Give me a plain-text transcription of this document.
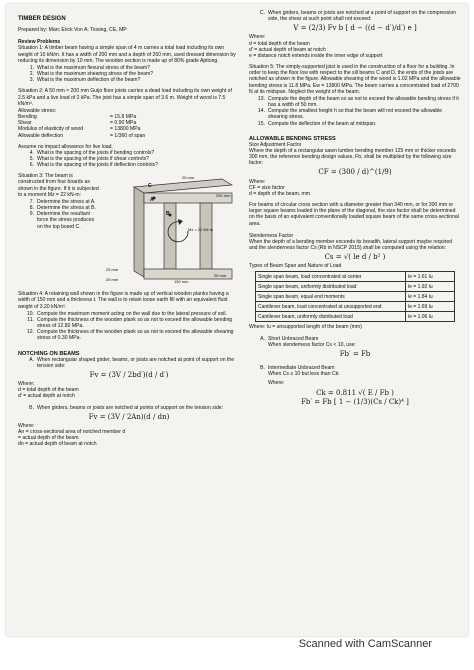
TIMBER DESIGN
Prepared by: Marc Erick Von A. Tiosing, CE, MP
Review Problems
Situation 1: A timber beam having a simple span of 4 m carries a total load including its own weight of 10 kN/m. It has a width of 200 mm and a depth of 260 mm, used dressed dimension by reducing its dimension by 10 mm. The wooden section is made up of 80% grade Apitong.
1. What is the maximum flexural stress of the beam?
2. What is the maximum shearing stress of the beam?
3. What is the maximum deflection of the beam?
Situation 2: A 50 mm × 200 mm Guijo floor joists carries a dead load including its own weight of 2.5 kPa and a live load of 2 kPa. The joist has a simple span of 3.6 m. Weight of wood is 7.5 kN/m³.
Allowable stress:
Bending	= 15.8 MPa
Shear	= 0.90 MPa
Modulus of elasticity of wood	= 13800 MPa
Allowable deflection	= 1/360 of span
Assume no impact allowance for live load.
4. What is the spacing of the joists if bending controls?
5. What is the spacing of the joists if shear controls?
6. What is the spacing of the joists if deflection controls?
Situation 3: The beam is constructed from four boards as shown in the figure. If it is subjected to a moment Mz = 22 kN-m:
7. Determine the stress at A.
8. Determine the stress at B.
9. Determine the resultant force the stress produces on the top board C.
25 mm
250 mm
C
A
B
Mz = 22 kN·m
150 mm
25 mm
25 mm
25 mm
Situation 4: A retaining wall shown in the figure is made up of vertical wooden planks having a width of 150 mm and a thickness t. The wall is to retain loose earth fill with an equivalent fluid weight of 3.20 kN/m³.
10. Compute the maximum moment acting on the wall due to the lateral pressure of soil.
11. Compute the thickness of the wooden plank so as not to exceed the allowable bending stress of 12.80 MPa.
12. Compute the thickness of the wooden plank so as not to exceed the allowable shearing stress of 0.30 MPa.
NOTCHING ON BEAMS
A. When rectangular shaped girder, beams, or joists are notched at point of support on the tension side:
Fv = (3V / 2bd′)(d / d′)
Where:
d = total depth of the beam
d′ = actual depth at notch
B. When girders, beams or joists are notched at points of support on the tension side:
Fv = (3V / 2An)(d / dn)
Where:
An = cross-sectional area of notched member d
= actual depth of the beam
dn = actual depth of beam at notch
C. When girders, beams or joists are notched at a point of support on the compression side, the shear at such point shall not exceed:
V = (2/3) Fv b [ d − ((d − d′)/d′) e ]
Where:
d = total depth of the beam
d′ = actual depth of beam at notch
e = distance notch extends inside the inner edge of support
Situation 5: The simply-supported joist is used in the construction of a floor for a building. In order to keep the floor low with respect to the sill beams C and D, the ends of the joists are notched as shown in the figure. Allowable shearing of the wood is 1.02 MPa and the allowable bending stress is 11.8 MPa. Ew = 13800 MPa. The beam carries a concentrated load of 2700 N at its midspan. Neglect the weight of the beam.
13. Compute the depth of the beam so as not to exceed the allowable bending stress if it has a width of 50 mm.
14. Compute the smallest height h so that the beam will not exceed the allowable shearing stress.
15. Compute the deflection of the beam at midspan.
ALLOWABLE BENDING STRESS
Size Adjustment Factor
Where the depth of a rectangular sawn lumber bending member 125 mm or thicker exceeds 300 mm, the reference bending design values, Fb, shall be multiplied by the following size factor:
CF = (300 / d)^(1/9)
Where:
CF = size factor
d = depth of the beam, mm
For beams of circular cross section with a diameter greater than 340 mm, or for 300 mm or larger square beams loaded in the plane of the diagonal, the size factor shall be determined on the basis of an equivalent conventionally loaded square beam of the same cross-sectional area.
Slenderness Factor
When the depth of a bending member exceeds its breadth, lateral support maybe required and the slenderness factor Cs (Rb in NSCP 2015) shall be computed using the relation:
Cs = √( le d / b² )
Types of Beam Span and Nature of Load
Single span beam, load concentrated at center	le = 1.61 lu
Single span beam, uniformly distributed load	le = 1.92 lu
Single span beam, equal end moments	le = 1.84 lu
Cantilever beam, load concentrated at unsupported end	le = 1.69 lu
Cantilever beam, uniformly distributed load	le = 1.06 lu
Where: lu = unsupported length of the beam (mm)
A. Short Unbraced Beam
When slenderness factor Cs < 10, use:
Fb′ = Fb
B. Intermediate Unbraced Beam
When Cs ≥ 10 but less than Ck:
Where:
Ck = 0.811 √( E / Fb )
Fb′ = Fb [ 1 − (1/3)(Cs / Ck)⁴ ]
Scanned with CamScanner
